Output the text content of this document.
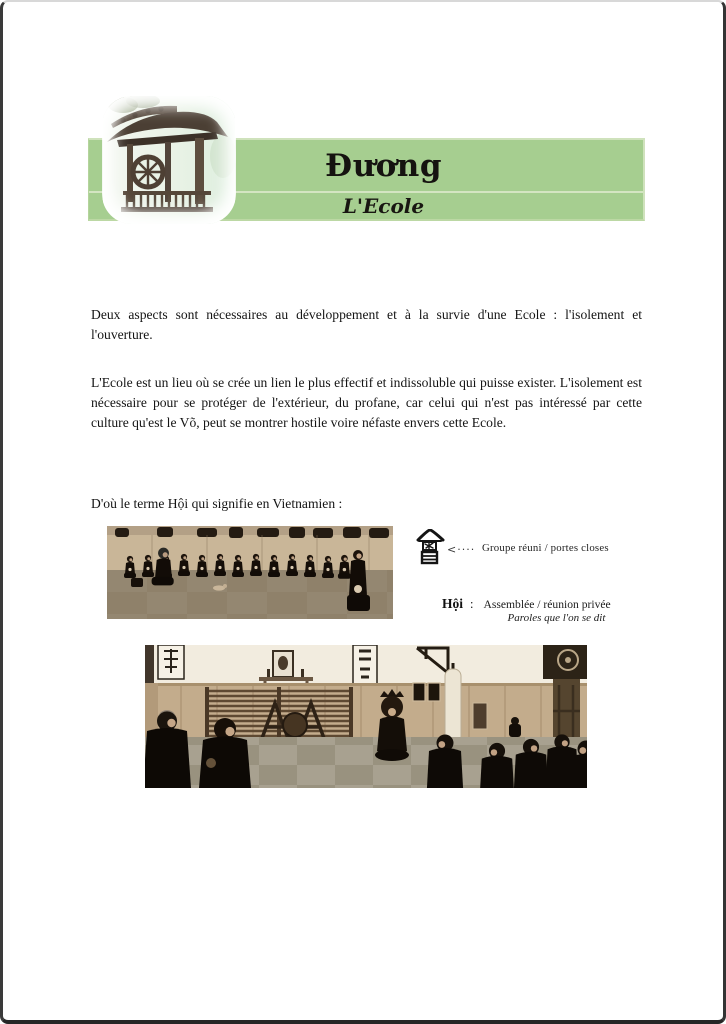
Đương
L'Ecole

Deux aspects sont nécessaires au développement et à la survie d'une Ecole : l'isolement et l'ouverture.

L'Ecole est un lieu où se crée un lien le plus effectif et indissoluble qui puisse exister. L'isolement est nécessaire pour se protéger de l'extérieur, du profane, car celui qui n'est pas intéressé par cette culture qu'est le Võ, peut se montrer hostile voire néfaste envers cette Ecole.

D'où le terme Hội qui signifie en Vietnamien :

<···· Groupe réuni / portes closes
Hội : Assemblée / réunion privée
Paroles que l'on se dit
